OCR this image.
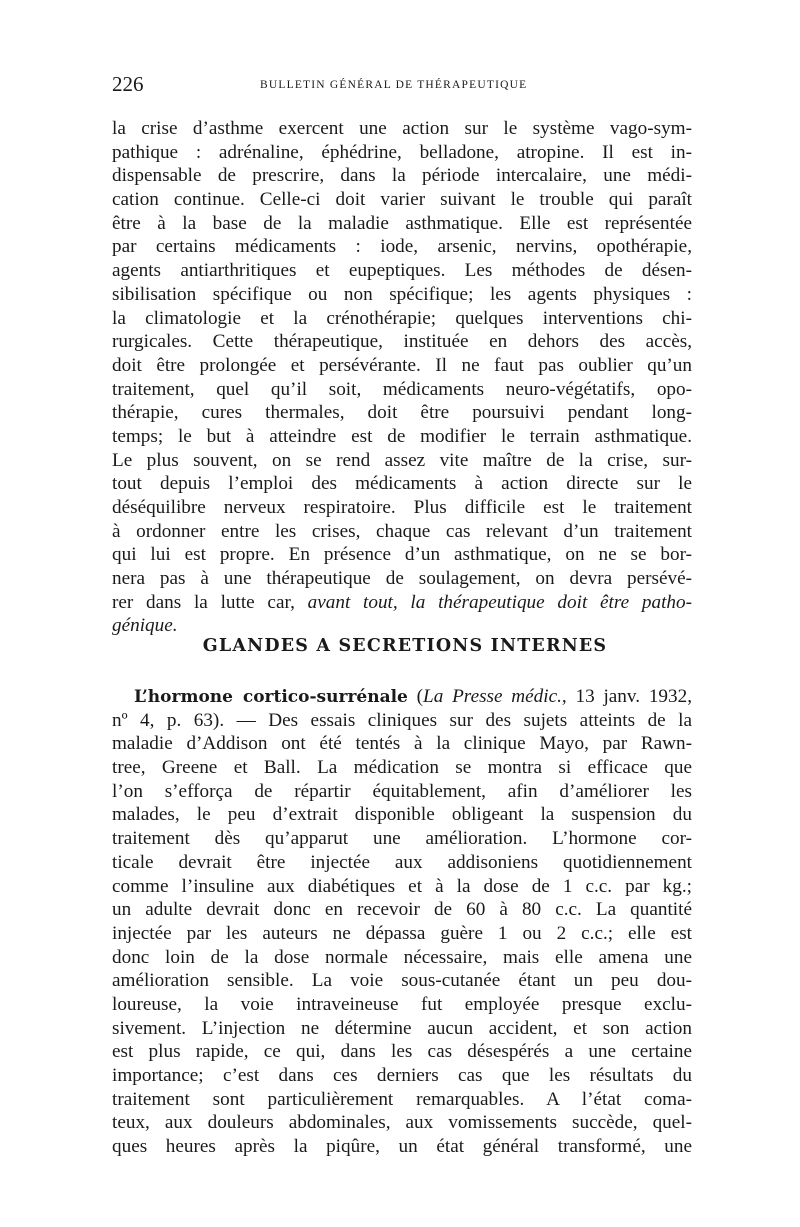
226	BULLETIN GÉNÉRAL DE THÉRAPEUTIQUE
la crise d’asthme exercent une action sur le système vago-sym-
pathique : adrénaline, éphédrine, belladone, atropine. Il est in-
dispensable de prescrire, dans la période intercalaire, une médi-
cation continue. Celle-ci doit varier suivant le trouble qui paraît
être à la base de la maladie asthmatique. Elle est représentée
par certains médicaments : iode, arsenic, nervins, opothérapie,
agents antiarthritiques et eupeptiques. Les méthodes de désen-
sibilisation spécifique ou non spécifique; les agents physiques :
la climatologie et la crénothérapie; quelques interventions chi-
rurgicales. Cette thérapeutique, instituée en dehors des accès,
doit être prolongée et persévérante. Il ne faut pas oublier qu’un
traitement, quel qu’il soit, médicaments neuro-végétatifs, opo-
thérapie, cures thermales, doit être poursuivi pendant long-
temps; le but à atteindre est de modifier le terrain asthmatique.
Le plus souvent, on se rend assez vite maître de la crise, sur-
tout depuis l’emploi des médicaments à action directe sur le
déséquilibre nerveux respiratoire. Plus difficile est le traitement
à ordonner entre les crises, chaque cas relevant d’un traitement
qui lui est propre. En présence d’un asthmatique, on ne se bor-
nera pas à une thérapeutique de soulagement, on devra persévé-
rer dans la lutte car, avant tout, la thérapeutique doit être patho-
génique.
GLANDES A SECRETIONS INTERNES
L’hormone cortico-surrénale (La Presse médic., 13 janv. 1932,
nº 4, p. 63). — Des essais cliniques sur des sujets atteints de la
maladie d’Addison ont été tentés à la clinique Mayo, par Rawn-
tree, Greene et Ball. La médication se montra si efficace que
l’on s’efforça de répartir équitablement, afin d’améliorer les
malades, le peu d’extrait disponible obligeant la suspension du
traitement dès qu’apparut une amélioration. L’hormone cor-
ticale devrait être injectée aux addisoniens quotidiennement
comme l’insuline aux diabétiques et à la dose de 1 c.c. par kg.;
un adulte devrait donc en recevoir de 60 à 80 c.c. La quantité
injectée par les auteurs ne dépassa guère 1 ou 2 c.c.; elle est
donc loin de la dose normale nécessaire, mais elle amena une
amélioration sensible. La voie sous-cutanée étant un peu dou-
loureuse, la voie intraveineuse fut employée presque exclu-
sivement. L’injection ne détermine aucun accident, et son action
est plus rapide, ce qui, dans les cas désespérés a une certaine
importance; c’est dans ces derniers cas que les résultats du
traitement sont particulièrement remarquables. A l’état coma-
teux, aux douleurs abdominales, aux vomissements succède, quel-
ques heures après la piqûre, un état général transformé, une
